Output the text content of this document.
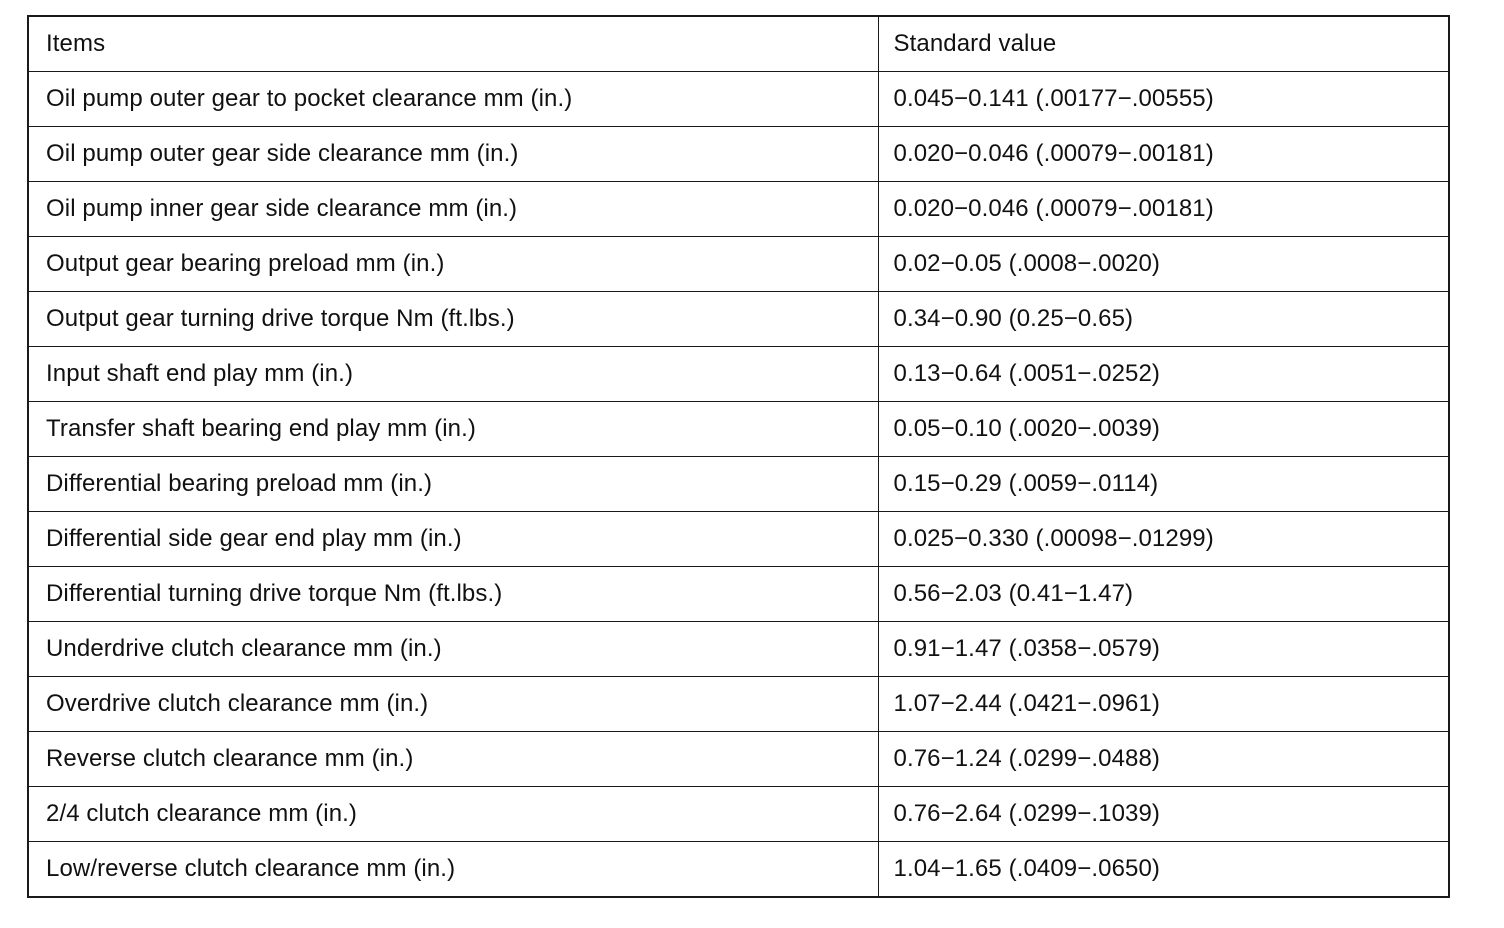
Items	Standard value
Oil pump outer gear to pocket clearance mm (in.)	0.045−0.141 (.00177−.00555)
Oil pump outer gear side clearance mm (in.)	0.020−0.046 (.00079−.00181)
Oil pump inner gear side clearance mm (in.)	0.020−0.046 (.00079−.00181)
Output gear bearing preload mm (in.)	0.02−0.05 (.0008−.0020)
Output gear turning drive torque Nm (ft.lbs.)	0.34−0.90 (0.25−0.65)
Input shaft end play mm (in.)	0.13−0.64 (.0051−.0252)
Transfer shaft bearing end play mm (in.)	0.05−0.10 (.0020−.0039)
Differential bearing preload mm (in.)	0.15−0.29 (.0059−.0114)
Differential side gear end play mm (in.)	0.025−0.330 (.00098−.01299)
Differential turning drive torque Nm (ft.lbs.)	0.56−2.03 (0.41−1.47)
Underdrive clutch clearance mm (in.)	0.91−1.47 (.0358−.0579)
Overdrive clutch clearance mm (in.)	1.07−2.44 (.0421−.0961)
Reverse clutch clearance mm (in.)	0.76−1.24 (.0299−.0488)
2/4 clutch clearance mm (in.)	0.76−2.64 (.0299−.1039)
Low/reverse clutch clearance mm (in.)	1.04−1.65 (.0409−.0650)
